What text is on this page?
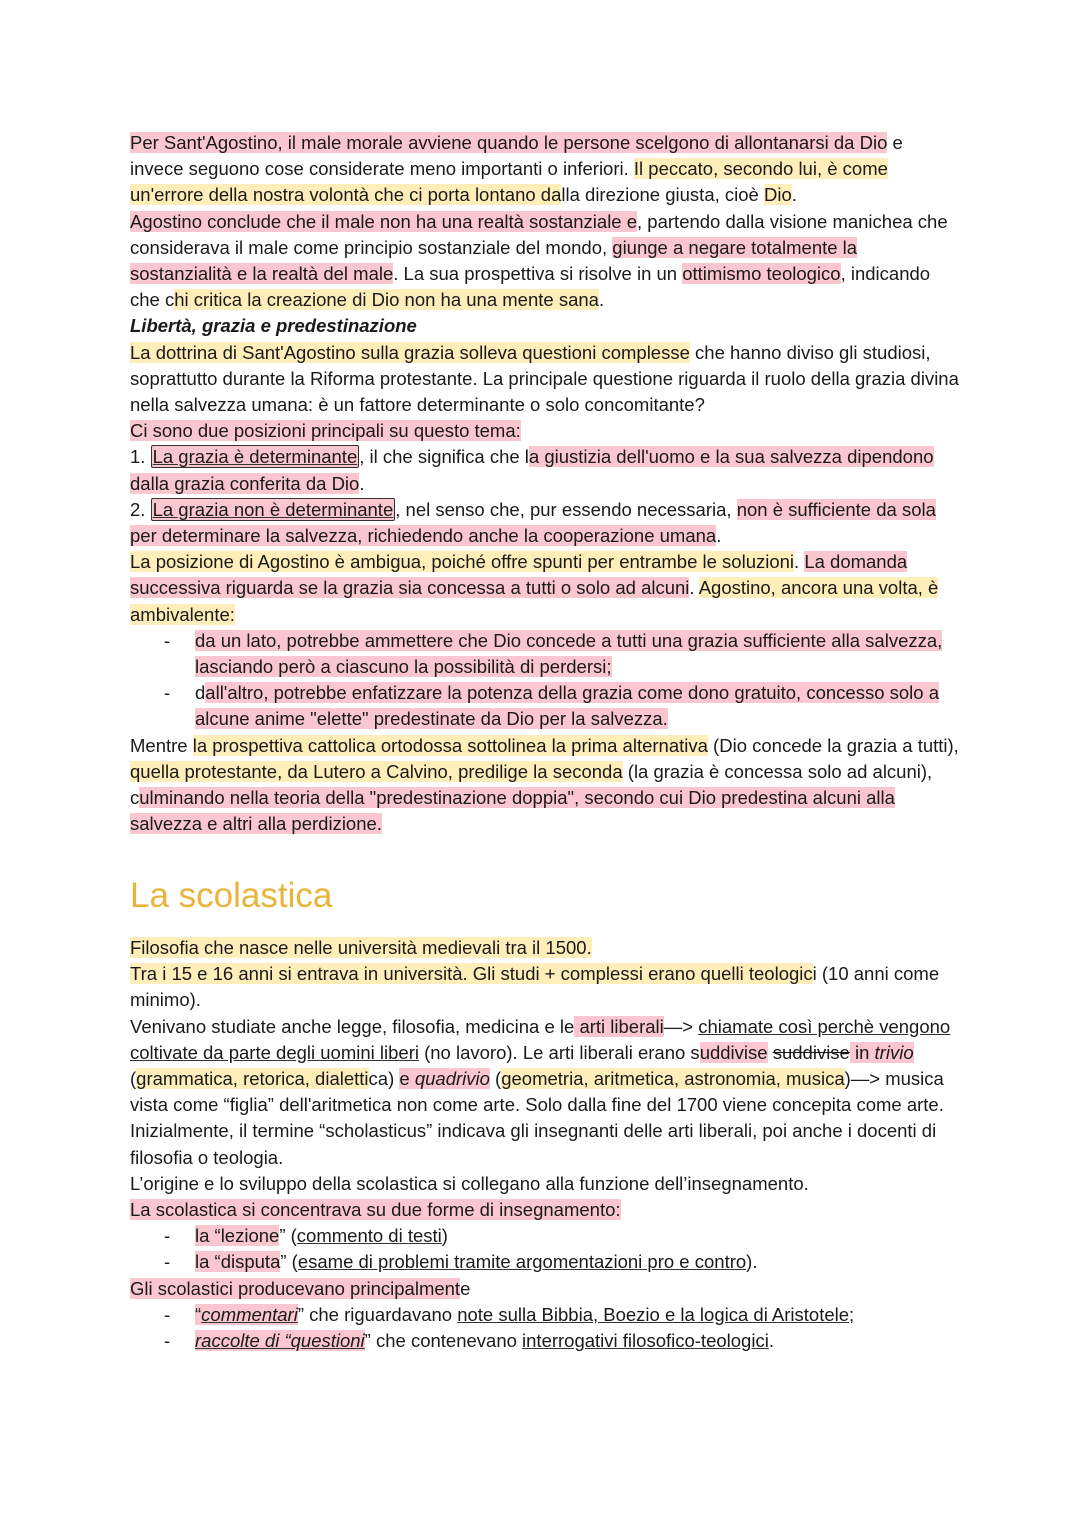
Per Sant'Agostino, il male morale avviene quando le persone scelgono di allontanarsi da Dio e invece seguono cose considerate meno importanti o inferiori. Il peccato, secondo lui, è come un'errore della nostra volontà che ci porta lontano dalla direzione giusta, cioè Dio.
Agostino conclude che il male non ha una realtà sostanziale e, partendo dalla visione manichea che considerava il male come principio sostanziale del mondo, giunge a negare totalmente la sostanzialità e la realtà del male. La sua prospettiva si risolve in un ottimismo teologico, indicando che chi critica la creazione di Dio non ha una mente sana.

Libertà, grazia e predestinazione

La dottrina di Sant'Agostino sulla grazia solleva questioni complesse che hanno diviso gli studiosi, soprattutto durante la Riforma protestante. La principale questione riguarda il ruolo della grazia divina nella salvezza umana: è un fattore determinante o solo concomitante?

Ci sono due posizioni principali su questo tema:

1. La grazia è determinante , il che significa che la giustizia dell'uomo e la sua salvezza dipendono dalla grazia conferita da Dio.

2. La grazia non è determinante , nel senso che, pur essendo necessaria, non è sufficiente da sola per determinare la salvezza, richiedendo anche la cooperazione umana.

La posizione di Agostino è ambigua, poiché offre spunti per entrambe le soluzioni. La domanda successiva riguarda se la grazia sia concessa a tutti o solo ad alcuni. Agostino, ancora una volta, è ambivalente:

- da un lato, potrebbe ammettere che Dio concede a tutti una grazia sufficiente alla salvezza, lasciando però a ciascuno la possibilità di perdersi;
- dall'altro, potrebbe enfatizzare la potenza della grazia come dono gratuito, concesso solo a alcune anime "elette" predestinate da Dio per la salvezza.

Mentre la prospettiva cattolica ortodossa sottolinea la prima alternativa (Dio concede la grazia a tutti), quella protestante, da Lutero a Calvino, predilige la seconda (la grazia è concessa solo ad alcuni), culminando nella teoria della "predestinazione doppia", secondo cui Dio predestina alcuni alla salvezza e altri alla perdizione.

La scolastica

Filosofia che nasce nelle università medievali tra il 1500.

Tra i 15 e 16 anni si entrava in università. Gli studi + complessi erano quelli teologici (10 anni come minimo).

Venivano studiate anche legge, filosofia, medicina e le arti liberali—> chiamate così perchè vengono coltivate da parte degli uomini liberi (no lavoro). Le arti liberali erano suddivise suddivise in trivio (grammatica, retorica, dialettica) e quadrivio (geometria, aritmetica, astronomia, musica)—> musica vista come “figlia” dell'aritmetica non come arte. Solo dalla fine del 1700 viene concepita come arte.

Inizialmente, il termine “scholasticus” indicava gli insegnanti delle arti liberali, poi anche i docenti di filosofia o teologia.

L’origine e lo sviluppo della scolastica si collegano alla funzione dell’insegnamento.

La scolastica si concentrava su due forme di insegnamento:

- la “lezione” (commento di testi)
- la “disputa” (esame di problemi tramite argomentazioni pro e contro).

Gli scolastici producevano principalmente

- “commentari” che riguardavano note sulla Bibbia, Boezio e la logica di Aristotele;
- raccolte di “questioni” che contenevano interrogativi filosofico-teologici.
